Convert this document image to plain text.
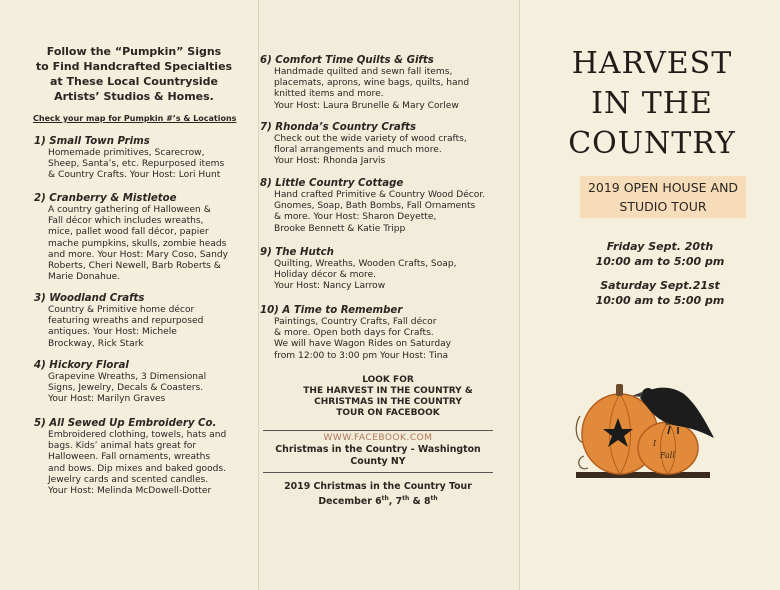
Follow the “Pumpkin” Signs
to Find Handcrafted Specialties
at These Local Countryside
Artists’ Studios & Homes.
Check your map for Pumpkin #’s & Locations
1) Small Town Prims
Homemade primitives, Scarecrow,
Sheep, Santa’s, etc. Repurposed items
& Country Crafts. Your Host: Lori Hunt
2) Cranberry & Mistletoe
A country gathering of Halloween &
Fall décor which includes wreaths,
mice, pallet wood fall décor, papier
mache pumpkins, skulls, zombie heads
and more. Your Host: Mary Coso, Sandy
Roberts, Cheri Newell, Barb Roberts &
Marie Donahue.
3) Woodland Crafts
Country & Primitive home décor
featuring wreaths and repurposed
antiques. Your Host: Michele
Brockway, Rick Stark
4) Hickory Floral
Grapevine Wreaths, 3 Dimensional
Signs, Jewelry, Decals & Coasters.
Your Host: Marilyn Graves
5) All Sewed Up Embroidery Co.
Embroidered clothing, towels, hats and
bags. Kids’ animal hats great for
Halloween. Fall ornaments, wreaths
and bows. Dip mixes and baked goods.
Jewelry cards and scented candles.
Your Host: Melinda McDowell-Dotter
6) Comfort Time Quilts & Gifts
Handmade quilted and sewn fall items,
placemats, aprons, wine bags, quilts, hand
knitted items and more.
Your Host: Laura Brunelle & Mary Corlew
7) Rhonda’s Country Crafts
Check out the wide variety of wood crafts,
floral arrangements and much more.
Your Host: Rhonda Jarvis
8) Little Country Cottage
Hand crafted Primitive & Country Wood Décor.
Gnomes, Soap, Bath Bombs, Fall Ornaments
& more. Your Host: Sharon Deyette,
Brooke Bennett & Katie Tripp
9) The Hutch
Quilting, Wreaths, Wooden Crafts, Soap,
Holiday décor & more.
Your Host: Nancy Larrow
10) A Time to Remember
Paintings, Country Crafts, Fall décor
& more. Open both days for Crafts.
We will have Wagon Rides on Saturday
from 12:00 to 3:00 pm Your Host: Tina
LOOK FOR
THE HARVEST IN THE COUNTRY &
CHRISTMAS IN THE COUNTRY
TOUR ON FACEBOOK
WWW.FACEBOOK.COM
Christmas in the Country - Washington
County NY
2019 Christmas in the Country Tour
December 6th, 7th & 8th
HARVEST
IN THE
COUNTRY
2019 OPEN HOUSE AND
STUDIO TOUR
Friday Sept. 20th
10:00 am to 5:00 pm
Saturday Sept.21st
10:00 am to 5:00 pm
I
Fall
